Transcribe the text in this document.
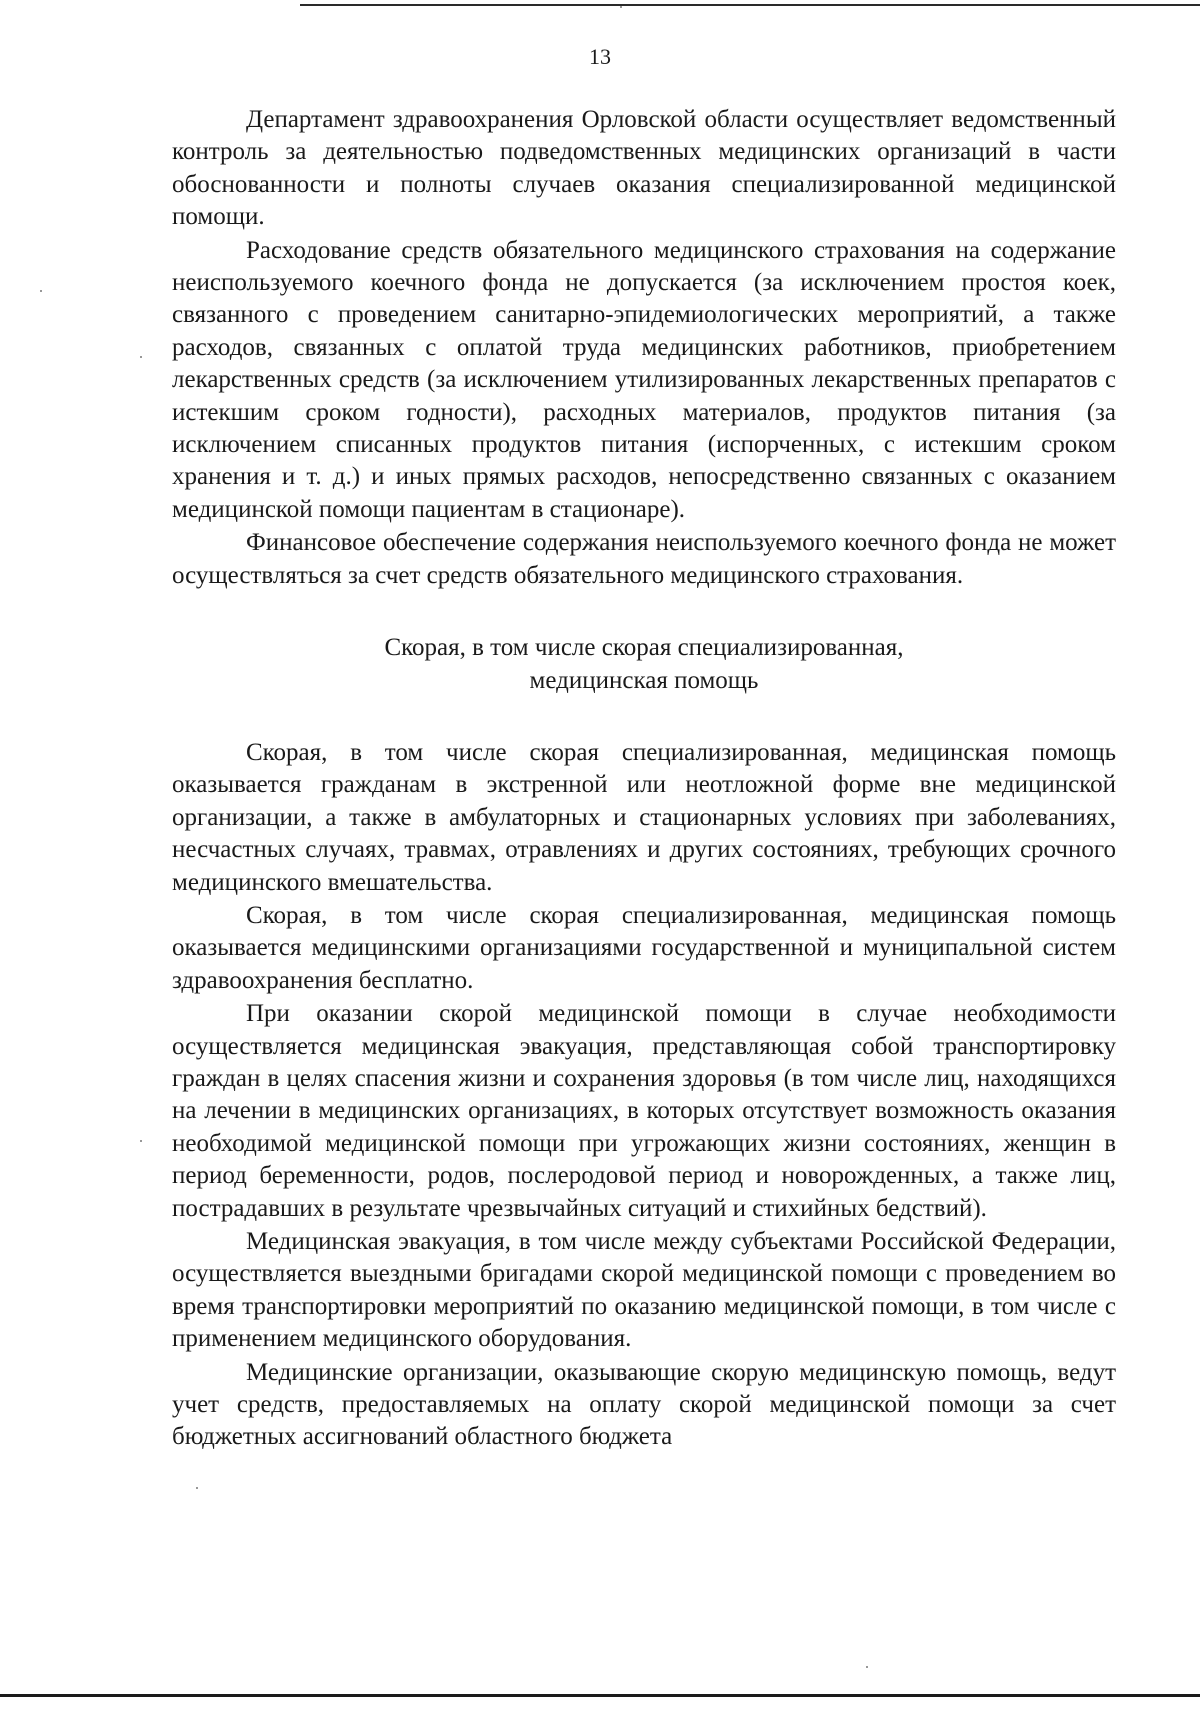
13

Департамент здравоохранения Орловской области осуществляет ведомственный контроль за деятельностью подведомственных медицинских организаций в части обоснованности и полноты случаев оказания специализированной медицинской помощи.

Расходование средств обязательного медицинского страхования на содержание неиспользуемого коечного фонда не допускается (за исключением простоя коек, связанного с проведением санитарно-эпидемиологических мероприятий, а также расходов, связанных с оплатой труда медицинских работников, приобретением лекарственных средств (за исключением утилизированных лекарственных препаратов с истекшим сроком годности), расходных материалов, продуктов питания (за исключением списанных продуктов питания (испорченных, с истекшим сроком хранения и т. д.) и иных прямых расходов, непосредственно связанных с оказанием медицинской помощи пациентам в стационаре).

Финансовое обеспечение содержания неиспользуемого коечного фонда не может осуществляться за счет средств обязательного медицинского страхования.

Скорая, в том числе скорая специализированная,
медицинская помощь

Скорая, в том числе скорая специализированная, медицинская помощь оказывается гражданам в экстренной или неотложной форме вне медицинской организации, а также в амбулаторных и стационарных условиях при заболеваниях, несчастных случаях, травмах, отравлениях и других состояниях, требующих срочного медицинского вмешательства.

Скорая, в том числе скорая специализированная, медицинская помощь оказывается медицинскими организациями государственной и муниципальной систем здравоохранения бесплатно.

При оказании скорой медицинской помощи в случае необходимости осуществляется медицинская эвакуация, представляющая собой транспортировку граждан в целях спасения жизни и сохранения здоровья (в том числе лиц, находящихся на лечении в медицинских организациях, в которых отсутствует возможность оказания необходимой медицинской помощи при угрожающих жизни состояниях, женщин в период беременности, родов, послеродовой период и новорожденных, а также лиц, пострадавших в результате чрезвычайных ситуаций и стихийных бедствий).

Медицинская эвакуация, в том числе между субъектами Российской Федерации, осуществляется выездными бригадами скорой медицинской помощи с проведением во время транспортировки мероприятий по оказанию медицинской помощи, в том числе с применением медицинского оборудования.

Медицинские организации, оказывающие скорую медицинскую помощь, ведут учет средств, предоставляемых на оплату скорой медицинской помощи за счет бюджетных ассигнований областного бюджета
